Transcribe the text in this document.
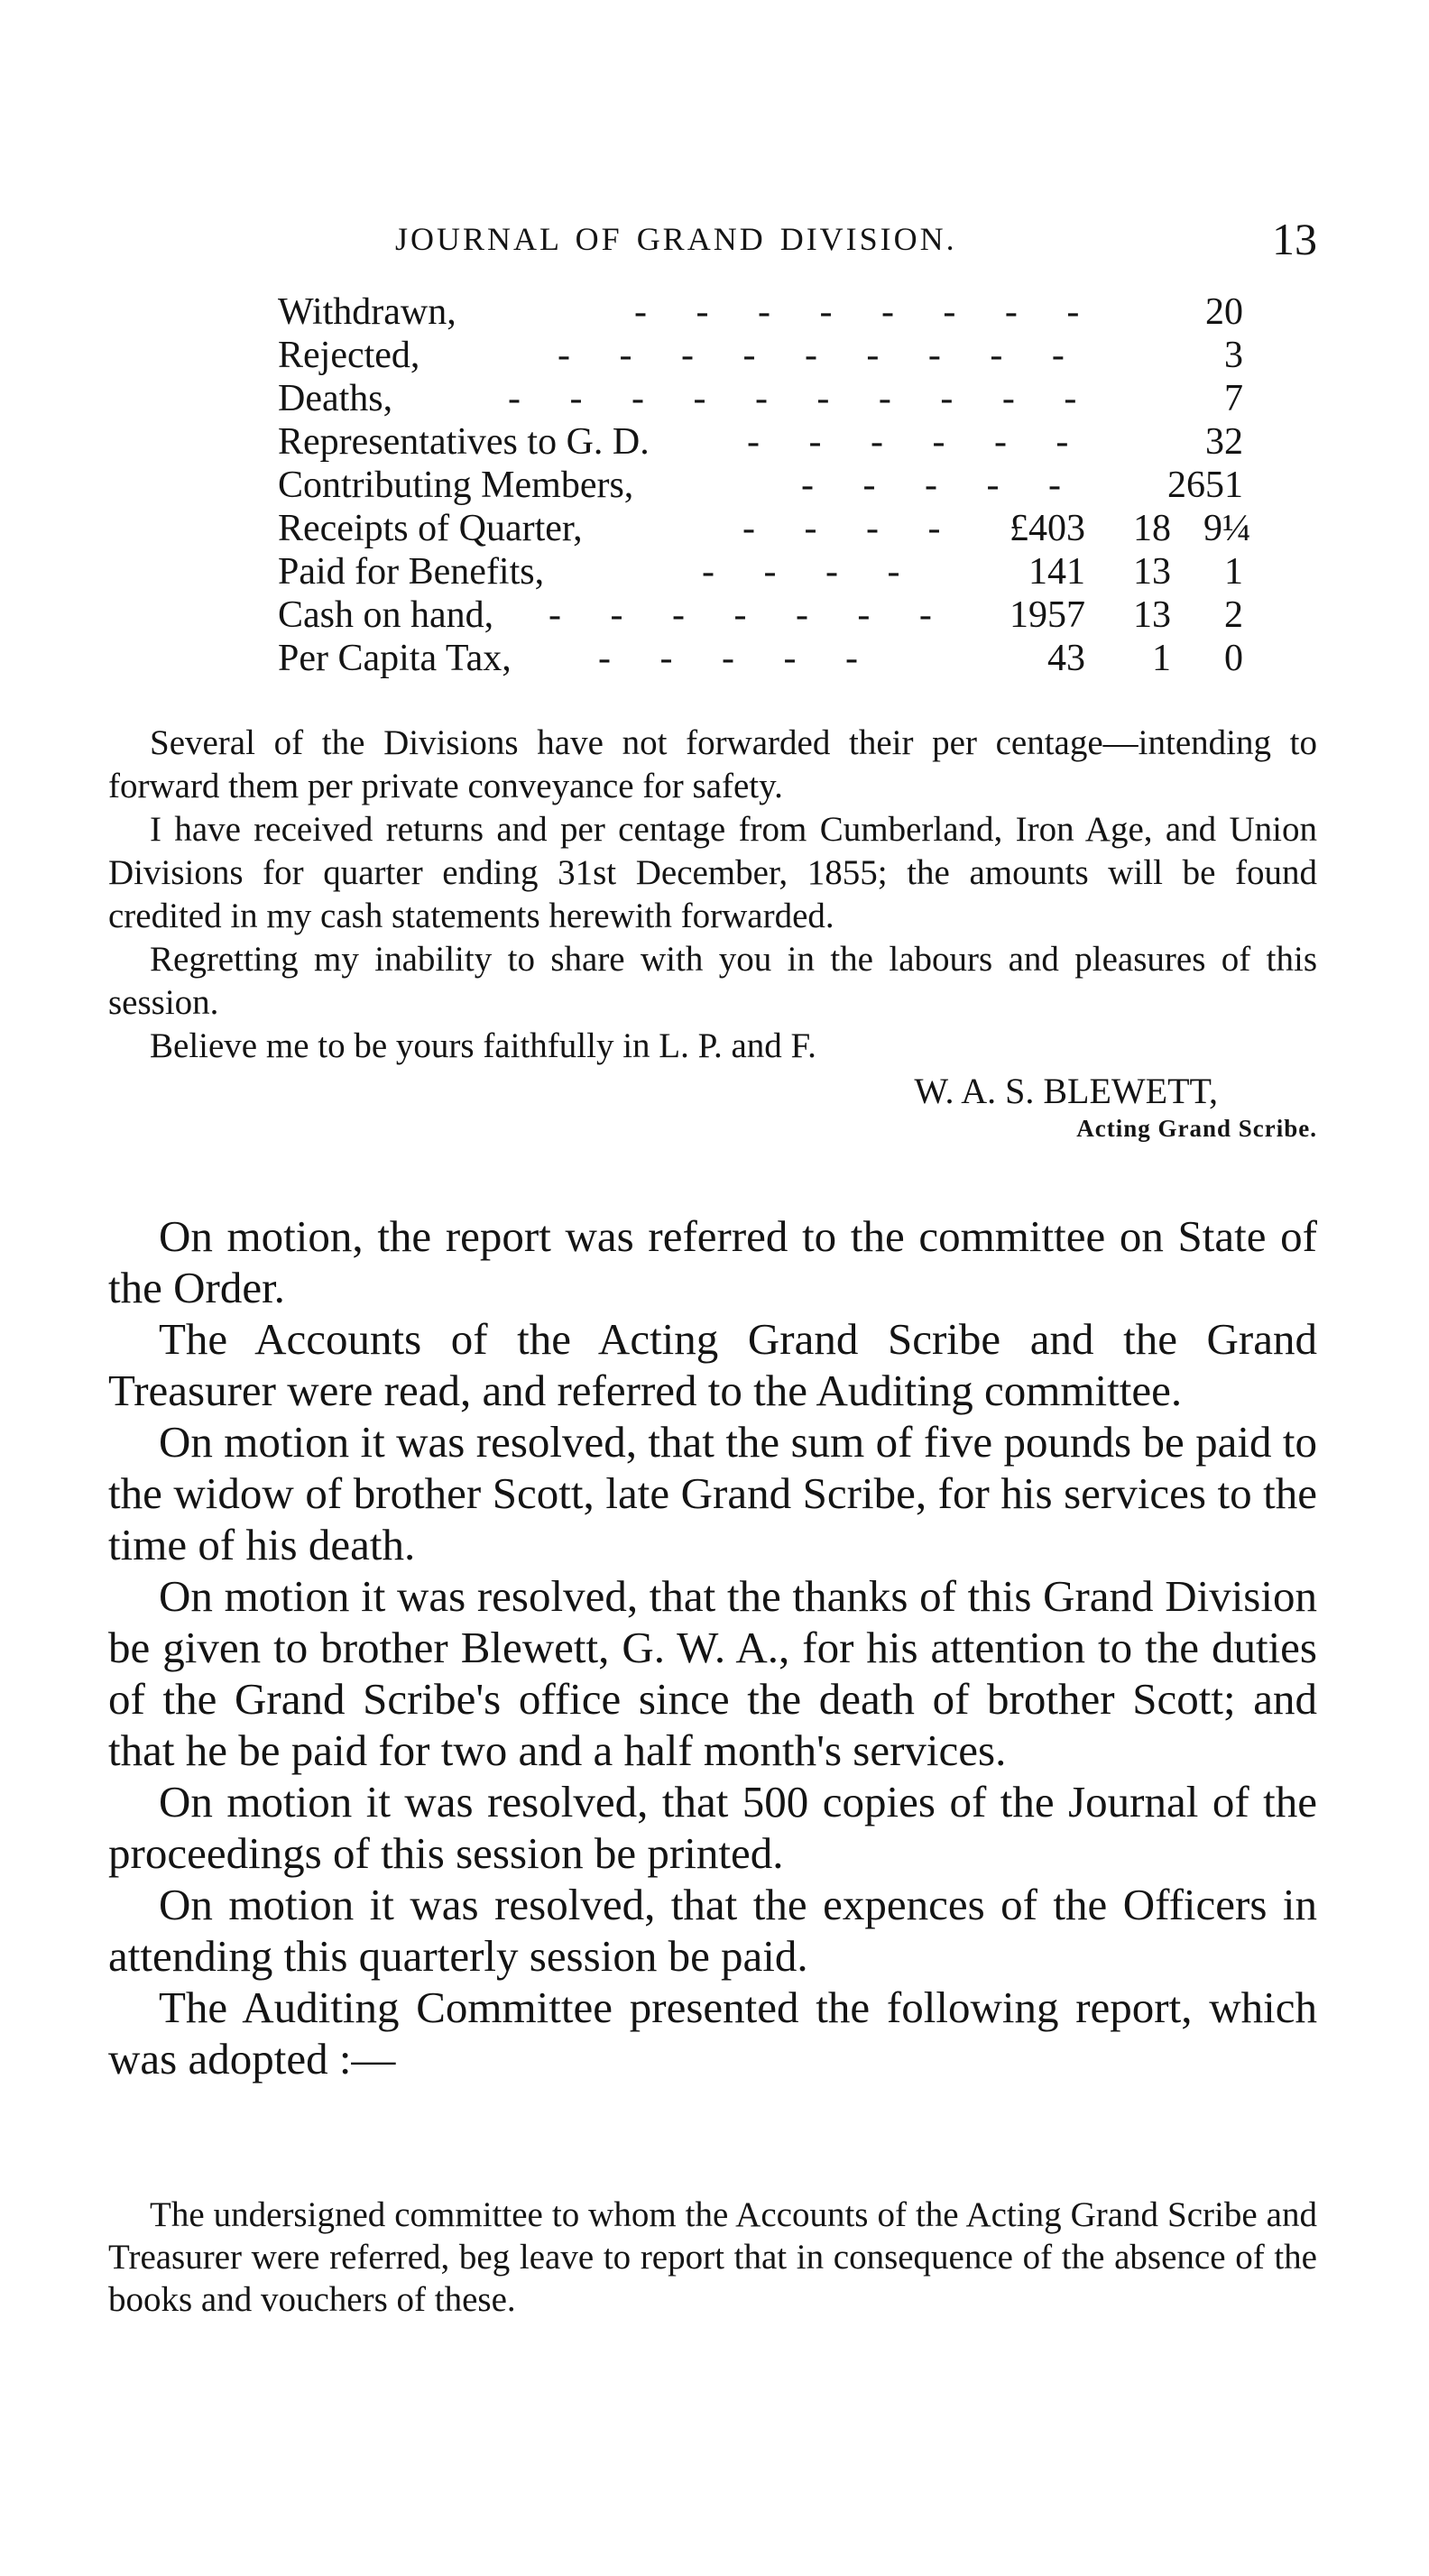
JOURNAL OF GRAND DIVISION.	13
Withdrawn,	- - - - - - - -	20
Rejected,	- - - - - - - - -	3
Deaths,	- - - - - - - - - -	7
Representatives to G. D.	- - - - - -	32
Contributing Members,	- - - - - 2651
Receipts of Quarter,	- - - - £403 18 9¼
Paid for Benefits,	- - - -	141 13	1
Cash on hand, - - - - - - - 1957 13	2
Per Capita Tax, - - - - -	43 1	0

Several of the Divisions have not forwarded their per centage—intending to forward them per private conveyance for safety.

I have received returns and per centage from Cumberland, Iron Age, and Union Divisions for quarter ending 31st December, 1855; the amounts will be found credited in my cash statements herewith forwarded.

Regretting my inability to share with you in the labours and pleasures of this session.

Believe me to be yours faithfully in L. P. and F.

W. A. S. BLEWETT,
Acting Grand Scribe.

On motion, the report was referred to the committee on State of the Order.

The Accounts of the Acting Grand Scribe and the Grand Treasurer were read, and referred to the Auditing committee.

On motion it was resolved, that the sum of five pounds be paid to the widow of brother Scott, late Grand Scribe, for his services to the time of his death.

On motion it was resolved, that the thanks of this Grand Division be given to brother Blewett, G. W. A., for his attention to the duties of the Grand Scribe's office since the death of brother Scott; and that he be paid for two and a half month's services.

On motion it was resolved, that 500 copies of the Journal of the proceedings of this session be printed.

On motion it was resolved, that the expences of the Officers in attending this quarterly session be paid.

The Auditing Committee presented the following report, which was adopted :—

The undersigned committee to whom the Accounts of the Acting Grand Scribe and Treasurer were referred, beg leave to report that in consequence of the absence of the books and vouchers of these.
